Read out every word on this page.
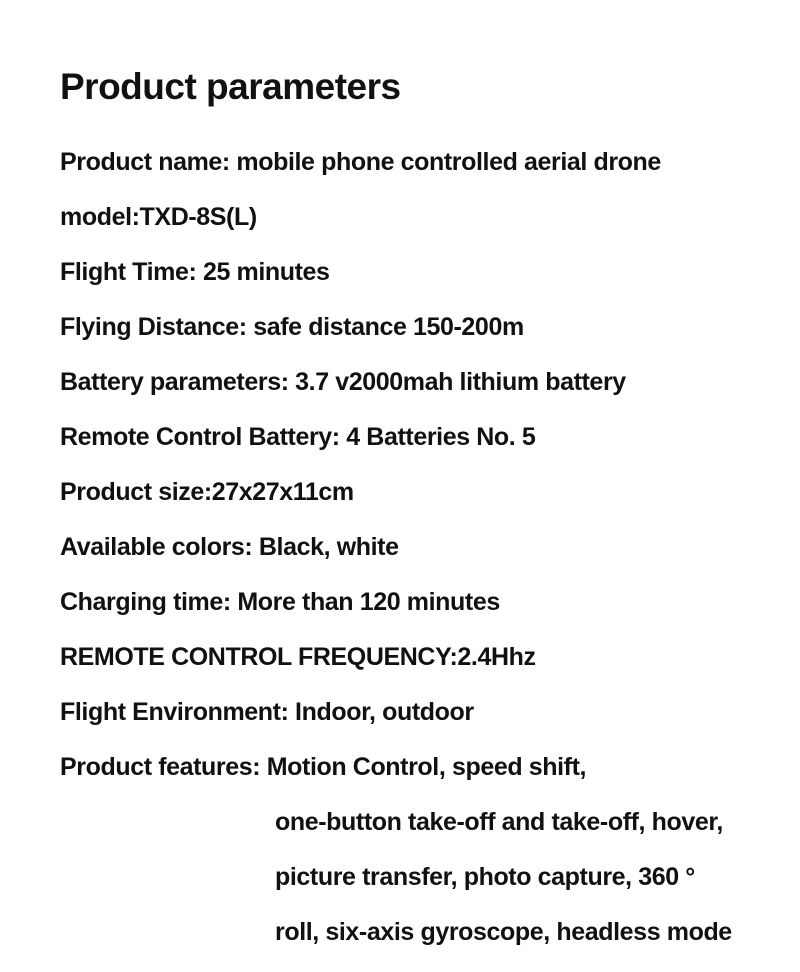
Product parameters
Product name: mobile phone controlled aerial drone
model:TXD-8S(L)
Flight Time: 25 minutes
Flying Distance: safe distance 150-200m
Battery parameters: 3.7 v2000mah lithium battery
Remote Control Battery: 4 Batteries No. 5
Product size:27x27x11cm
Available colors: Black, white
Charging time: More than 120 minutes
REMOTE CONTROL FREQUENCY:2.4Hhz
Flight Environment: Indoor, outdoor
Product features: Motion Control, speed shift,
one-button take-off and take-off, hover,
picture transfer, photo capture, 360 °
roll, six-axis gyroscope, headless mode
